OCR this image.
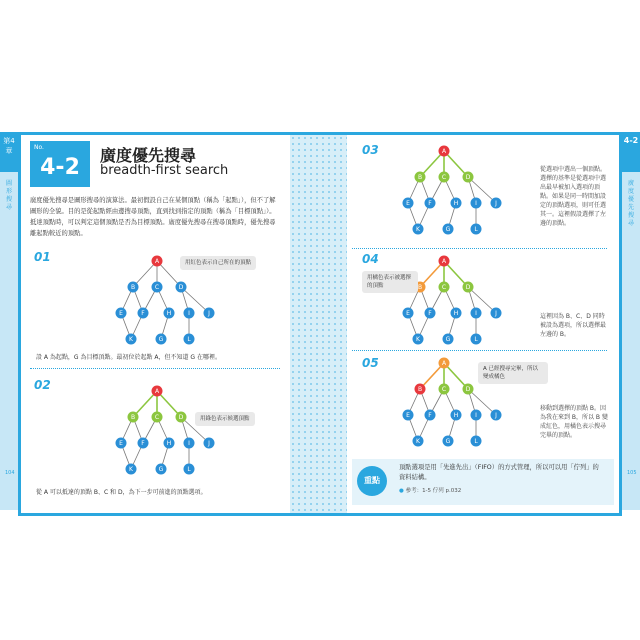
第4章
圖形搜尋
4-2
廣度優先搜尋
No.
4-2	廣度優先搜尋
breadth-first search
廣度優先搜尋是圖形搜尋的演算法。最初假設自己在某個頂點（稱為「起點」），但不了解圖形的全貌。目的是從起點經由邊搜尋頂點，直到找到指定的頂點（稱為「目標頂點」）。抵達頂點時，可以判定這個頂點是否為目標頂點。廣度優先搜尋在搜尋頂點時，優先搜尋離起點較近的頂點。
01	A
B	C	D
E	F	H	I	J
K	G	L
用紅色表示自己所在的頂點
設 A 為起點，G 為目標頂點。最初位於起點 A，但不知道 G 在哪裡。
02	A
B	C	D
E	F	H	I	J
K	G	L
用綠色表示候選頂點
從 A 可以抵達的頂點 B、C 和 D，為下一步可前進的頂點選項。
03	A
B	C	D
E	F	H	I	J
K	G	L
從選項中選出一個頂點。選擇的基準是從選項中選出最早被加入選項的頂點。如果是同一時間加設定的頂點選項，則可任選其一。這裡假設選擇了左邊的頂點。
04	A
B	C	D
E	F	H	I	J
K	G	L
用橘色表示被選擇的頂點
這裡因為 B、C、D 同時被設為選項，所以選擇最左邊的 B。
05	A
B	C	D
E	F	H	I	J
K	G	L
A 已經搜尋完畢，所以變成橘色
移動到選擇的頂點 B。因為我在來到 B，所以 B 變成紅色，用橘色表示搜尋完畢的頂點。
重點
頂點選項是用「先進先出」（FIFO）的方式管理，所以可以用「佇列」的資料結構。
● 參考：1-5 佇列 p.032
104	105
